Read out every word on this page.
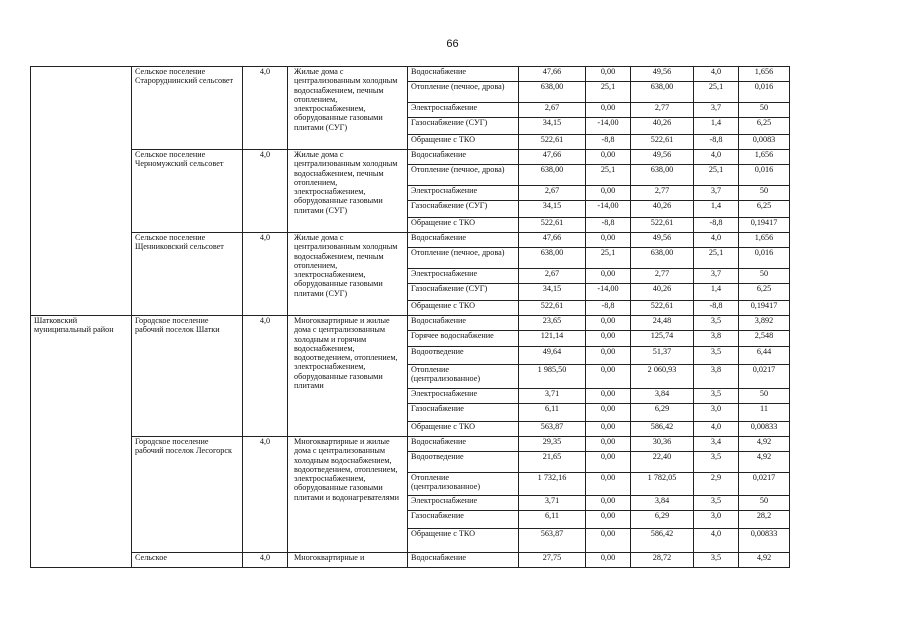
66
	Сельское поселение Староруднинский сельсовет	4,0	Жилые дома с централизованным холодным водоснабжением, печным отоплением, электроснабжением, оборудованные газовыми плитами (СУГ)	Водоснабжение	47,66	0,00	49,56	4,0	1,656
				Отопление (печное, дрова)	638,00	25,1	638,00	25,1	0,016
				Электроснабжение	2,67	0,00	2,77	3,7	50
				Газоснабжение (СУГ)	34,15	-14,00	40,26	1,4	6,25
				Обращение с ТКО	522,61	-8,8	522,61	-8,8	0,0083
	Сельское поселение Черномужский сельсовет	4,0	Жилые дома с централизованным холодным водоснабжением, печным отоплением, электроснабжением, оборудованные газовыми плитами (СУГ)	Водоснабжение	47,66	0,00	49,56	4,0	1,656
				Отопление (печное, дрова)	638,00	25,1	638,00	25,1	0,016
				Электроснабжение	2,67	0,00	2,77	3,7	50
				Газоснабжение (СУГ)	34,15	-14,00	40,26	1,4	6,25
				Обращение с ТКО	522,61	-8,8	522,61	-8,8	0,19417
	Сельское поселение Щенниковский сельсовет	4,0	Жилые дома с централизованным холодным водоснабжением, печным отоплением, электроснабжением, оборудованные газовыми плитами (СУГ)	Водоснабжение	47,66	0,00	49,56	4,0	1,656
				Отопление (печное, дрова)	638,00	25,1	638,00	25,1	0,016
				Электроснабжение	2,67	0,00	2,77	3,7	50
				Газоснабжение (СУГ)	34,15	-14,00	40,26	1,4	6,25
				Обращение с ТКО	522,61	-8,8	522,61	-8,8	0,19417
Шатковский муниципальный район	Городское поселение рабочий поселок Шатки	4,0	Многоквартирные и жилые дома с централизованным холодным и горячим водоснабжением, водоотведением, отоплением, электроснабжением, оборудованные газовыми плитами	Водоснабжение	23,65	0,00	24,48	3,5	3,892
				Горячее водоснабжение	121,14	0,00	125,74	3,8	2,548
				Водоотведение	49,64	0,00	51,37	3,5	6,44
				Отопление (централизованное)	1 985,50	0,00	2 060,93	3,8	0,0217
				Электроснабжение	3,71	0,00	3,84	3,5	50
				Газоснабжение	6,11	0,00	6,29	3,0	11
				Обращение с ТКО	563,87	0,00	586,42	4,0	0,00833
	Городское поселение рабочий поселок Лесогорск	4,0	Многоквартирные и жилые дома с централизованным холодным водоснабжением, водоотведением, отоплением, электроснабжением, оборудованные газовыми плитами и водонагревателями	Водоснабжение	29,35	0,00	30,36	3,4	4,92
				Водоотведение	21,65	0,00	22,40	3,5	4,92
				Отопление (централизованное)	1 732,16	0,00	1 782,05	2,9	0,0217
				Электроснабжение	3,71	0,00	3,84	3,5	50
				Газоснабжение	6,11	0,00	6,29	3,0	28,2
				Обращение с ТКО	563,87	0,00	586,42	4,0	0,00833
	Сельское	4,0	Многоквартирные и	Водоснабжение	27,75	0,00	28,72	3,5	4,92
